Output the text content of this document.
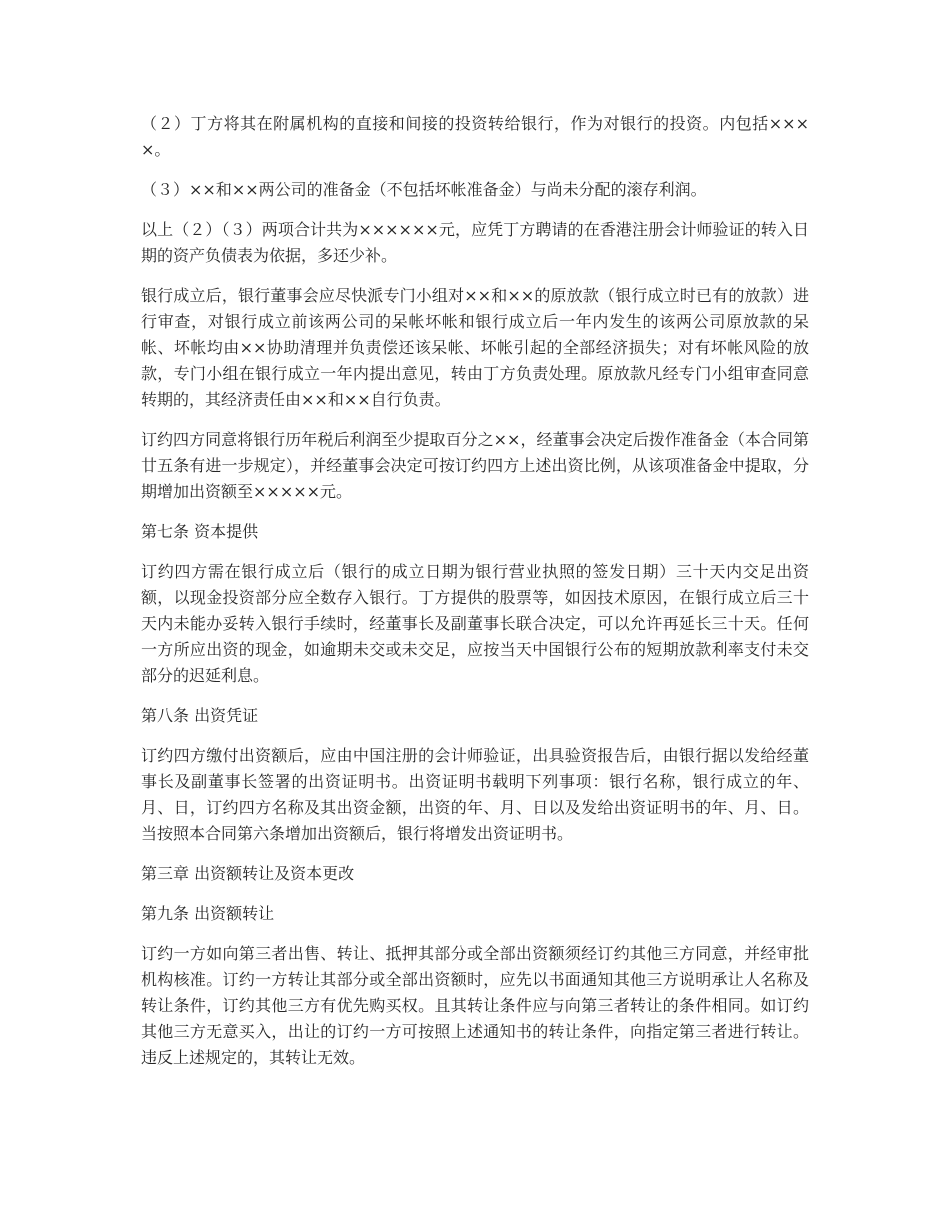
（２）丁方将其在附属机构的直接和间接的投资转给银行，作为对银行的投资。内包括××××。

（３）××和××两公司的准备金（不包括坏帐准备金）与尚未分配的滚存利润。

以上（２）（３）两项合计共为××××××元，应凭丁方聘请的在香港注册会计师验证的转入日期的资产负债表为依据，多还少补。

银行成立后，银行董事会应尽快派专门小组对××和××的原放款（银行成立时已有的放款）进行审查，对银行成立前该两公司的呆帐坏帐和银行成立后一年内发生的该两公司原放款的呆帐、坏帐均由××协助清理并负责偿还该呆帐、坏帐引起的全部经济损失；对有坏帐风险的放款，专门小组在银行成立一年内提出意见，转由丁方负责处理。原放款凡经专门小组审查同意转期的，其经济责任由××和××自行负责。

订约四方同意将银行历年税后利润至少提取百分之××，经董事会决定后拨作准备金（本合同第廿五条有进一步规定），并经董事会决定可按订约四方上述出资比例，从该项准备金中提取，分期增加出资额至×××××元。

第七条 资本提供

订约四方需在银行成立后（银行的成立日期为银行营业执照的签发日期）三十天内交足出资额，以现金投资部分应全数存入银行。丁方提供的股票等，如因技术原因，在银行成立后三十天内未能办妥转入银行手续时，经董事长及副董事长联合决定，可以允许再延长三十天。任何一方所应出资的现金，如逾期未交或未交足，应按当天中国银行公布的短期放款利率支付未交部分的迟延利息。

第八条 出资凭证

订约四方缴付出资额后，应由中国注册的会计师验证，出具验资报告后，由银行据以发给经董事长及副董事长签署的出资证明书。出资证明书载明下列事项：银行名称，银行成立的年、月、日，订约四方名称及其出资金额，出资的年、月、日以及发给出资证明书的年、月、日。当按照本合同第六条增加出资额后，银行将增发出资证明书。

第三章 出资额转让及资本更改

第九条 出资额转让

订约一方如向第三者出售、转让、抵押其部分或全部出资额须经订约其他三方同意，并经审批机构核准。订约一方转让其部分或全部出资额时，应先以书面通知其他三方说明承让人名称及转让条件，订约其他三方有优先购买权。且其转让条件应与向第三者转让的条件相同。如订约其他三方无意买入，出让的订约一方可按照上述通知书的转让条件，向指定第三者进行转让。违反上述规定的，其转让无效。
